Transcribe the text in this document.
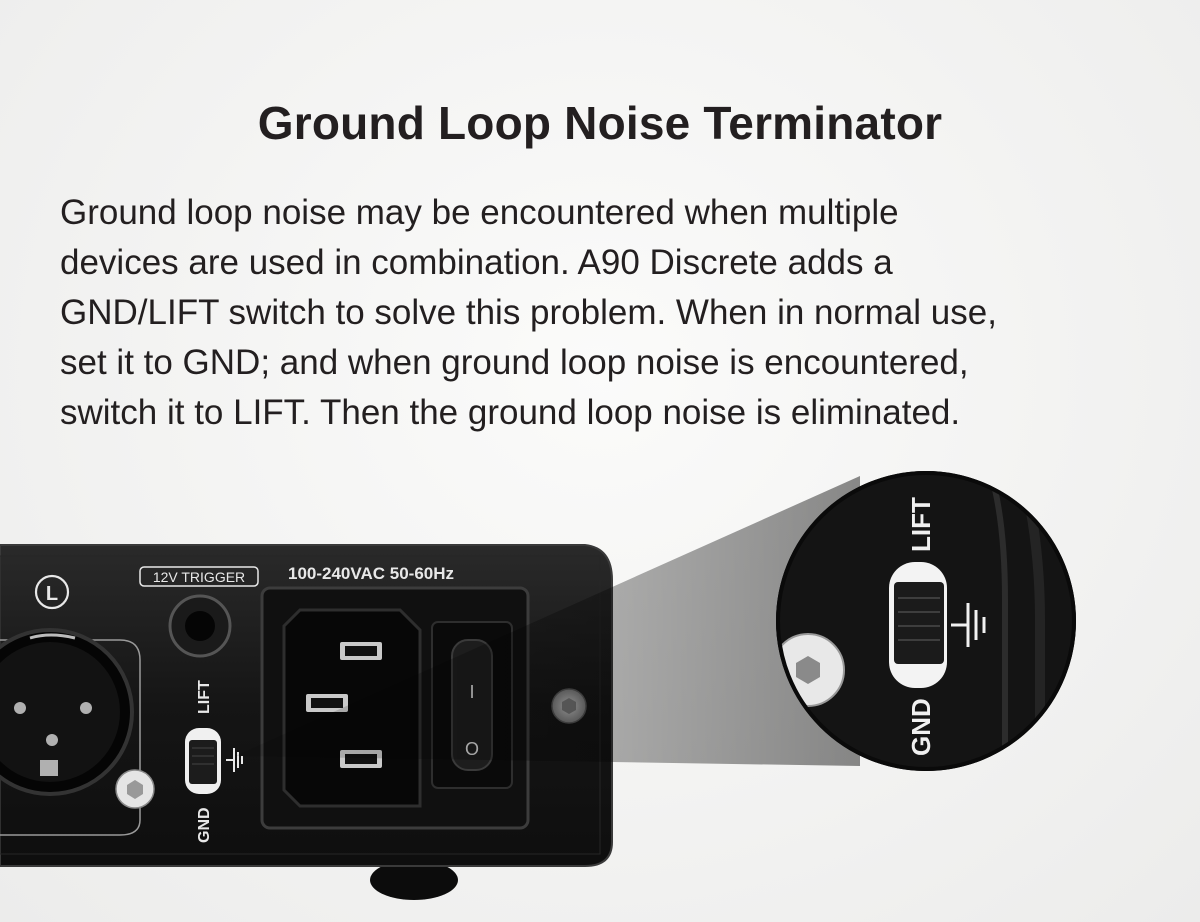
Ground Loop Noise Terminator
Ground loop noise may be encountered when multiple
devices are used in combination. A90 Discrete adds a
GND/LIFT switch to solve this problem. When in normal use,
set it to GND; and when ground loop noise is encountered,
switch it to LIFT. Then the ground loop noise is eliminated.
L
12V TRIGGER
LIFT
GND
100-240VAC 50-60Hz
LIFT
GND
